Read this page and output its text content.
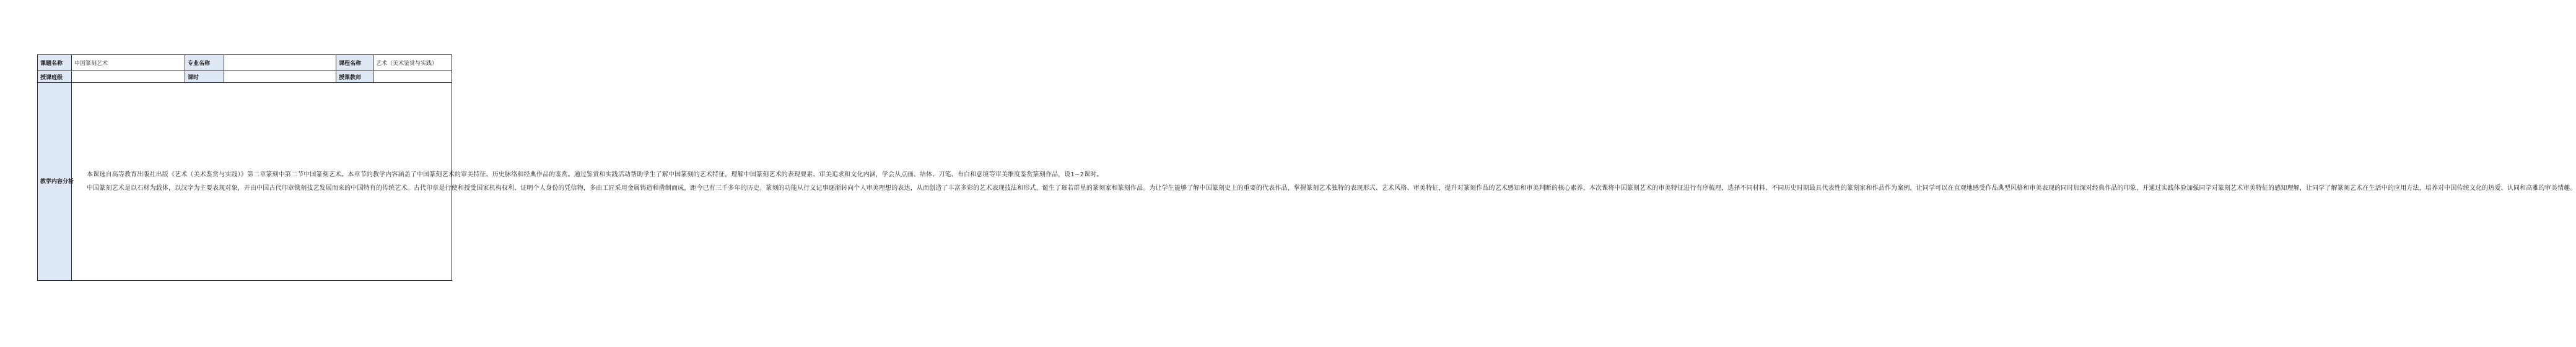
课题名称	中国篆刻艺术	专业名称		课程名称	艺术（美术鉴赏与实践）
授课班级		课时		授课教师	
教学内容分析	本课选自高等教育出版社出版《艺术（美术鉴赏与实践）》第二章篆刻中第二节中国篆刻艺术。本章节的教学内容涵盖了中国篆刻艺术的审美特征、历史脉络和经典作品的鉴赏。通过鉴赏和实践活动帮助学生了解中国篆刻的艺术特征，理解中国篆刻艺术的表现要素、审美追求和文化内涵，学会从点画、结体、刀笔、布白和意境等审美维度鉴赏篆刻作品，设1~2课时。

中国篆刻艺术是以石材为载体，以汉字为主要表现对象，并由中国古代印章镌刻技艺发展而来的中国特有的传统艺术。古代印章是行使和授受国家机构权利、证明个人身份的凭信物，多由工匠采用金属铸造和凿制而成，距今已有三千多年的历史。篆刻的功能从行文记事逐渐转向个人审美理想的表达，从而创造了丰富多彩的艺术表现技法和形式，诞生了璀若群星的篆刻家和篆刻作品。为让学生能够了解中国篆刻史上的重要的代表作品，掌握篆刻艺术独特的表现形式、艺术风格、审美特征，提升对篆刻作品的艺术感知和审美判断的核心素养，本次课将中国篆刻艺术的审美特征进行有序梳理，选择不同材料、不同历史时期最具代表性的篆刻家和作品作为案例，让同学可以在直观地感受作品典型风格和审美表现的同时加深对经典作品的印象，并通过实践体验加强同学对篆刻艺术审美特征的感知理解，让同学了解篆刻艺术在生活中的应用方法，培养对中国传统文化的热爱、认同和高雅的审美情趣。				
